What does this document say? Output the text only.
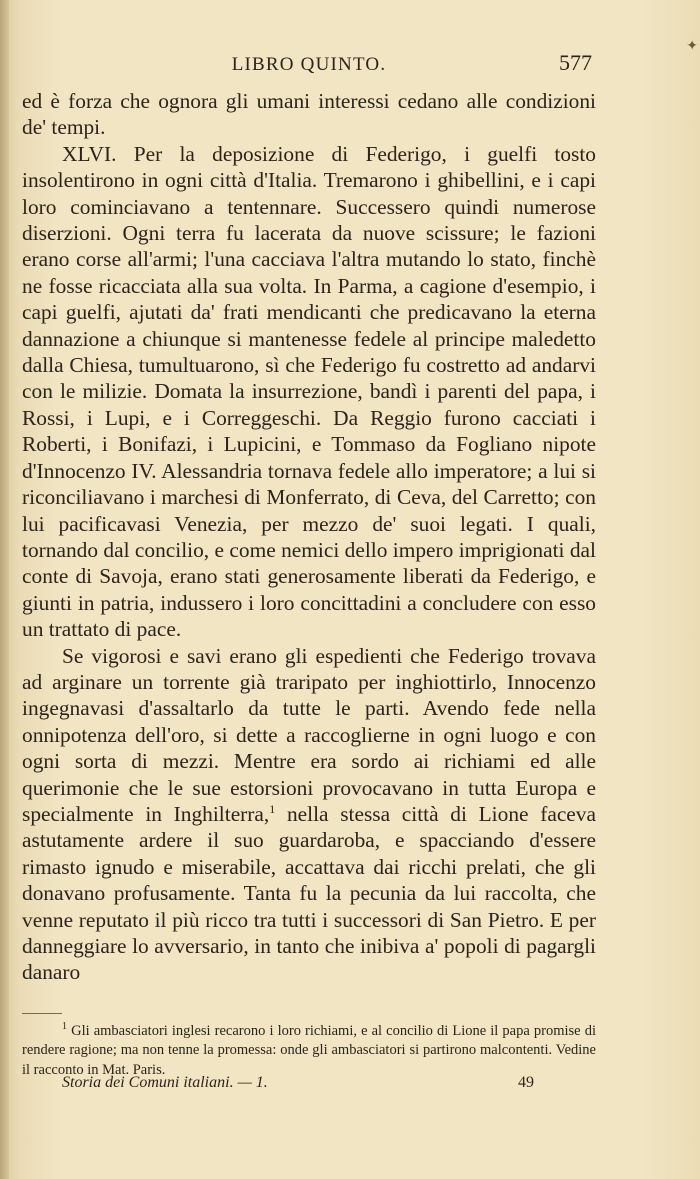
LIBRO QUINTO.	577
✦

ed è forza che ognora gli umani interessi cedano alle condizioni de' tempi.

XLVI. Per la deposizione di Federigo, i guelfi tosto insolentirono in ogni città d'Italia. Tremarono i ghibellini, e i capi loro cominciavano a tentennare. Successero quindi numerose diserzioni. Ogni terra fu lacerata da nuove scissure; le fazioni erano corse all'armi; l'una cacciava l'altra mutando lo stato, finchè ne fosse ricacciata alla sua volta. In Parma, a cagione d'esempio, i capi guelfi, ajutati da' frati mendicanti che predicavano la eterna dannazione a chiunque si mantenesse fedele al principe maledetto dalla Chiesa, tumultuarono, sì che Federigo fu costretto ad andarvi con le milizie. Domata la insurrezione, bandì i parenti del papa, i Rossi, i Lupi, e i Correggeschi. Da Reggio furono cacciati i Roberti, i Bonifazi, i Lupicini, e Tommaso da Fogliano nipote d'Innocenzo IV. Alessandria tornava fedele allo imperatore; a lui si riconciliavano i marchesi di Monferrato, di Ceva, del Carretto; con lui pacificavasi Venezia, per mezzo de' suoi legati. I quali, tornando dal concilio, e come nemici dello impero imprigionati dal conte di Savoja, erano stati generosamente liberati da Federigo, e giunti in patria, indussero i loro concittadini a concludere con esso un trattato di pace.

Se vigorosi e savi erano gli espedienti che Federigo trovava ad arginare un torrente già traripato per inghiottirlo, Innocenzo ingegnavasi d'assaltarlo da tutte le parti. Avendo fede nella onnipotenza dell'oro, si dette a raccoglierne in ogni luogo e con ogni sorta di mezzi. Mentre era sordo ai richiami ed alle querimonie che le sue estorsioni provocavano in tutta Europa e specialmente in Inghilterra,$^1$ nella stessa città di Lione faceva astutamente ardere il suo guardaroba, e spacciando d'essere rimasto ignudo e miserabile, accattava dai ricchi prelati, che gli donavano profusamente. Tanta fu la pecunia da lui raccolta, che venne reputato il più ricco tra tutti i successori di San Pietro. E per danneggiare lo avversario, in tanto che inibiva a' popoli di pagargli danaro

$^1$ Gli ambasciatori inglesi recarono i loro richiami, e al concilio di Lione il papa promise di rendere ragione; ma non tenne la promessa: onde gli ambasciatori si partirono malcontenti. Vedine il racconto in Mat. Paris.

Storia dei Comuni italiani. — 1.	49
